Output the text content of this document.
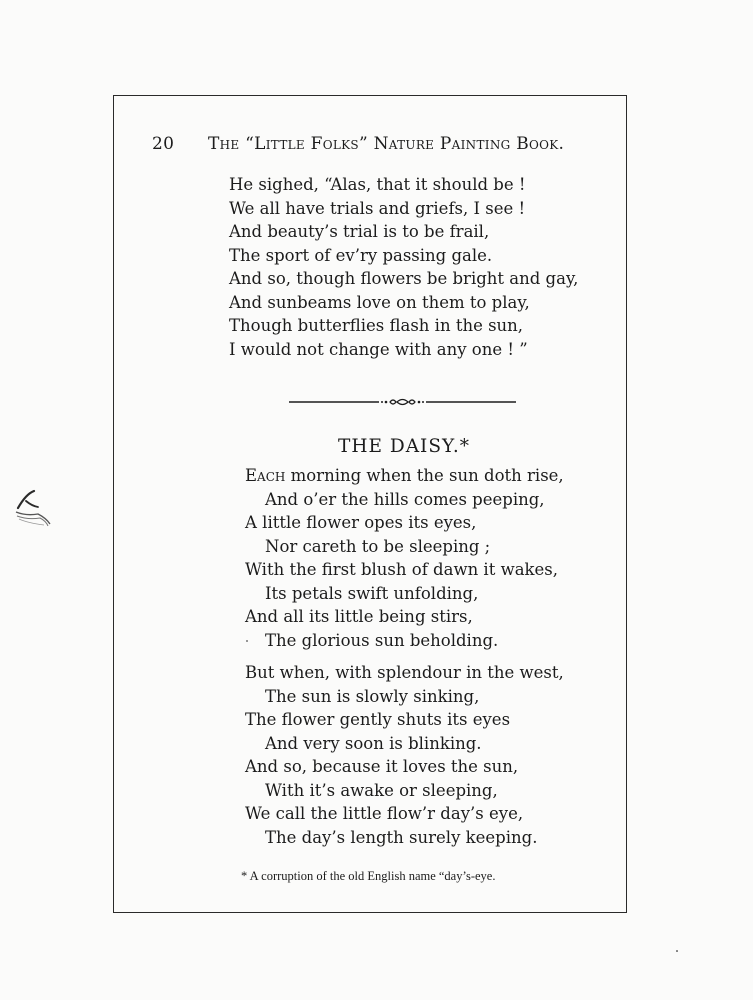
20 The “Little Folks” Nature Painting Book.
He sighed, “Alas, that it should be !
We all have trials and griefs, I see !
And beauty’s trial is to be frail,
The sport of ev’ry passing gale.
And so, though flowers be bright and gay,
And sunbeams love on them to play,
Though butterflies flash in the sun,
I would not change with any one ! ”
THE DAISY.*
Each morning when the sun doth rise,
And o’er the hills comes peeping,
A little flower opes its eyes,
Nor careth to be sleeping ;
With the first blush of dawn it wakes,
Its petals swift unfolding,
And all its little being stirs,
The glorious sun beholding.
But when, with splendour in the west,
The sun is slowly sinking,
The flower gently shuts its eyes
And very soon is blinking.
And so, because it loves the sun,
With it’s awake or sleeping,
We call the little flow’r day’s eye,
The day’s length surely keeping.
* A corruption of the old English name “day’s-eye.
